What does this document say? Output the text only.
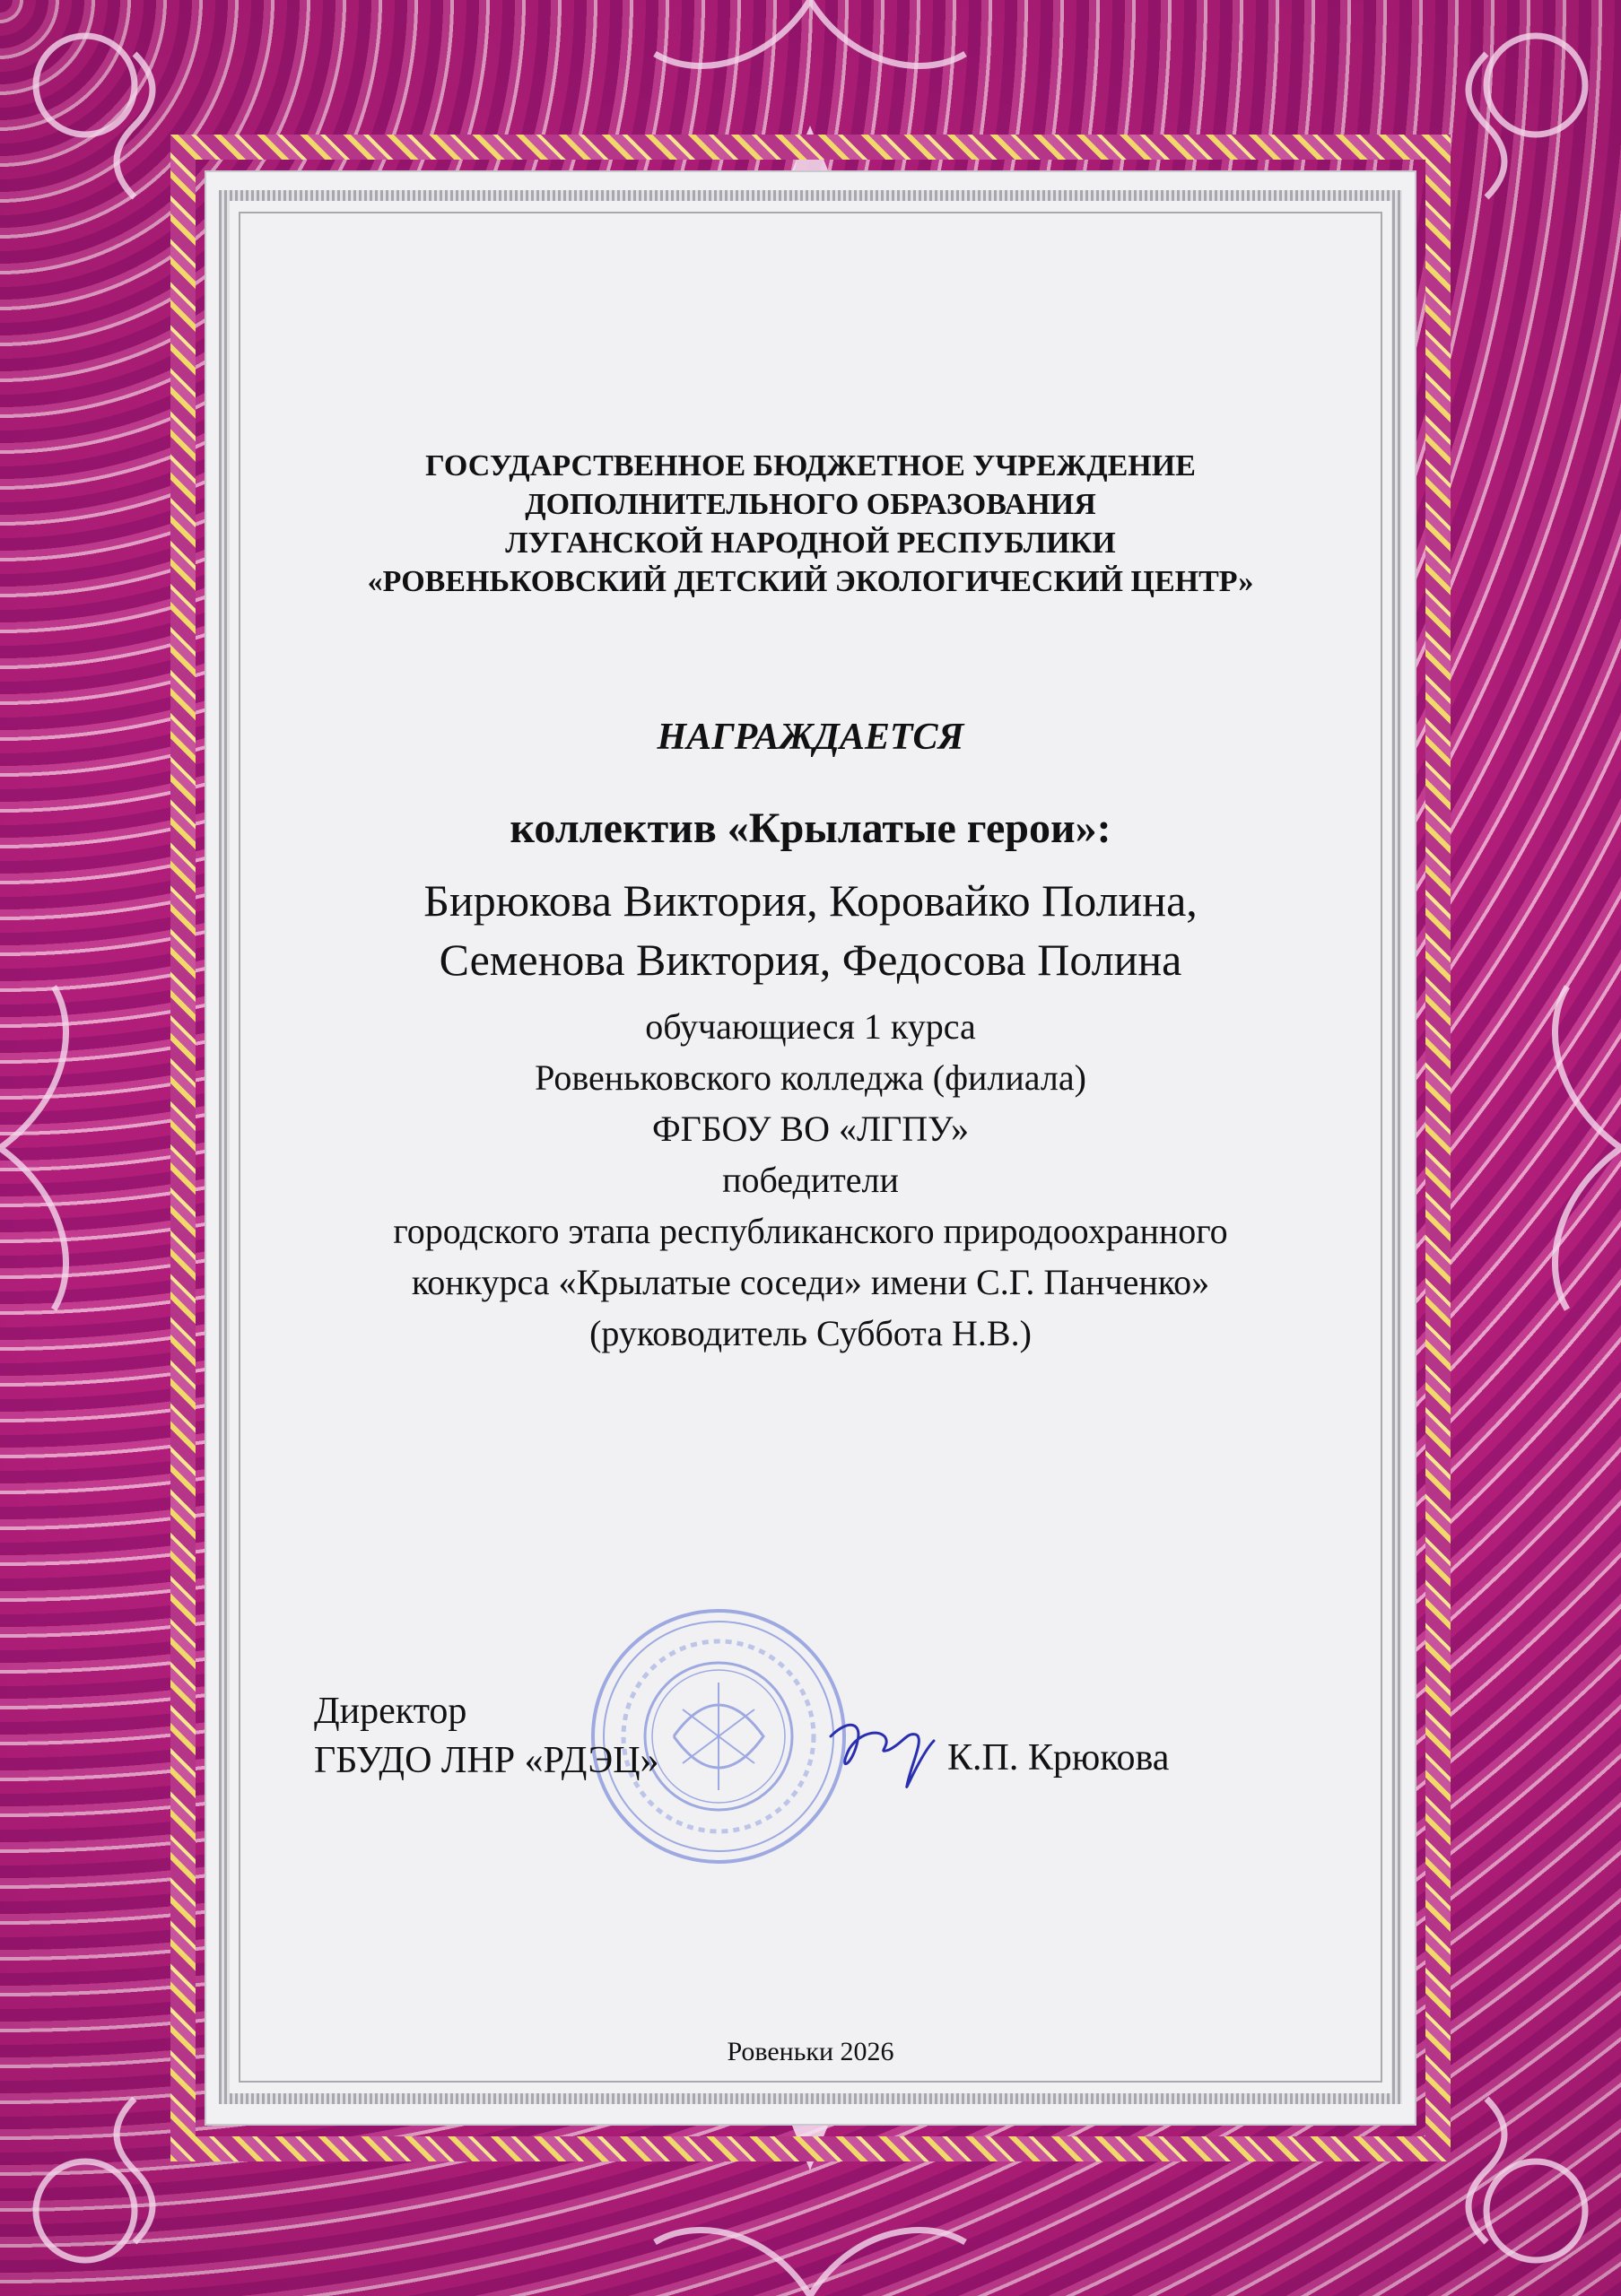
ГОСУДАРСТВЕННОЕ БЮДЖЕТНОЕ УЧРЕЖДЕНИЕ
ДОПОЛНИТЕЛЬНОГО ОБРАЗОВАНИЯ
ЛУГАНСКОЙ НАРОДНОЙ РЕСПУБЛИКИ
«РОВЕНЬКОВСКИЙ ДЕТСКИЙ ЭКОЛОГИЧЕСКИЙ ЦЕНТР»
НАГРАЖДАЕТСЯ
коллектив «Крылатые герои»:
Бирюкова Виктория, Коровайко Полина,
Семенова Виктория, Федосова Полина
обучающиеся 1 курса
Ровеньковского колледжа (филиала)
ФГБОУ ВО «ЛГПУ»
победители
городского этапа республиканского природоохранного
конкурса «Крылатые соседи» имени С.Г. Панченко»
(руководитель Суббота Н.В.)
Директор
ГБУДО ЛНР «РДЭЦ»	К.П. Крюкова
Ровеньки 2026
